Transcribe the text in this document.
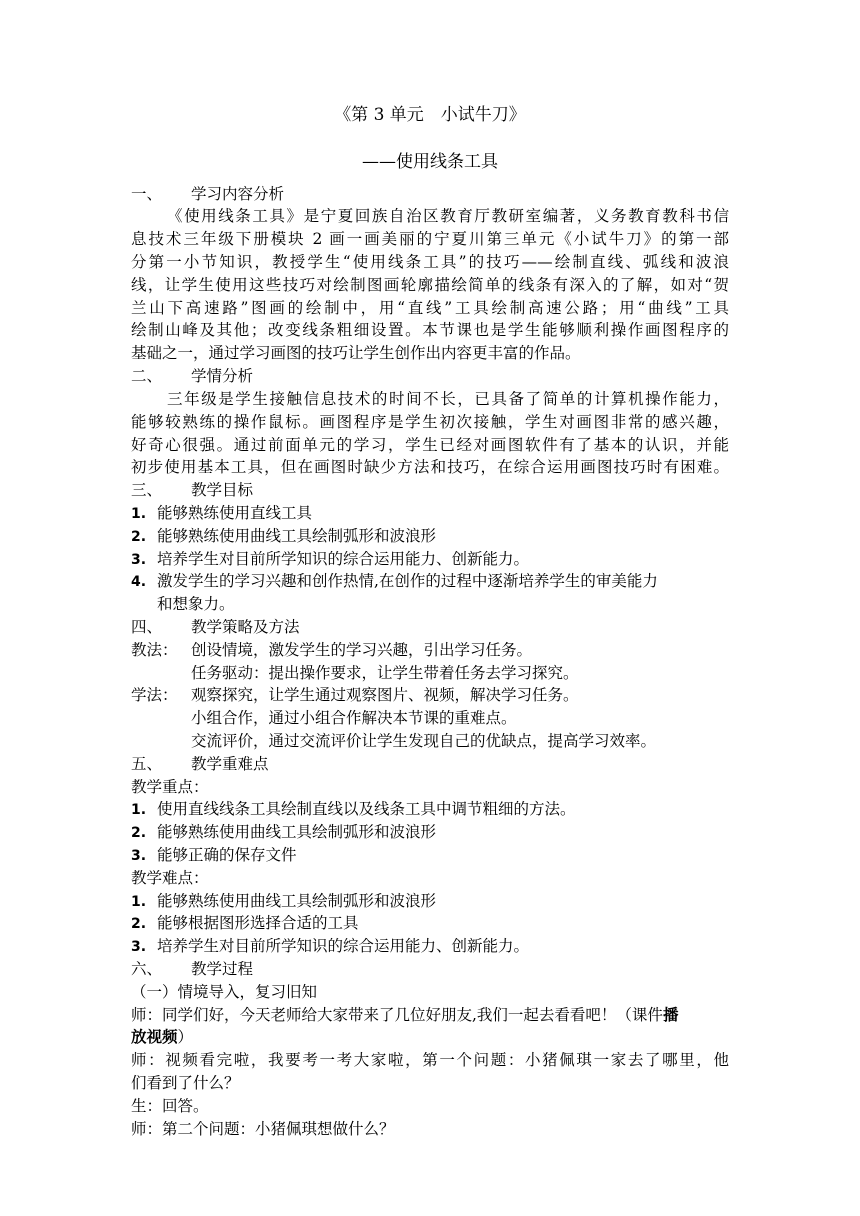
《第 3 单元　小试牛刀》

——使用线条工具

一、 学习内容分析

《使用线条工具》是宁夏回族自治区教育厅教研室编著，义务教育教科书信

息技术三年级下册模块 2 画一画美丽的宁夏川第三单元《小试牛刀》的第一部

分第一小节知识，教授学生“使用线条工具”的技巧——绘制直线、弧线和波浪

线，让学生使用这些技巧对绘制图画轮廓描绘简单的线条有深入的了解，如对“贺

兰山下高速路”图画的绘制中，用“直线”工具绘制高速公路；用“曲线”工具

绘制山峰及其他；改变线条粗细设置。本节课也是学生能够顺利操作画图程序的

基础之一，通过学习画图的技巧让学生创作出内容更丰富的作品。

二、 学情分析

三年级是学生接触信息技术的时间不长，已具备了简单的计算机操作能力，

能够较熟练的操作鼠标。画图程序是学生初次接触，学生对画图非常的感兴趣，

好奇心很强。通过前面单元的学习，学生已经对画图软件有了基本的认识，并能

初步使用基本工具，但在画图时缺少方法和技巧，在综合运用画图技巧时有困难。

三、 教学目标

1. 能够熟练使用直线工具

2. 能够熟练使用曲线工具绘制弧形和波浪形

3. 培养学生对目前所学知识的综合运用能力、创新能力。

4. 激发学生的学习兴趣和创作热情,在创作的过程中逐渐培养学生的审美能力

和想象力。

四、 教学策略及方法

教法： 创设情境，激发学生的学习兴趣，引出学习任务。

任务驱动：提出操作要求，让学生带着任务去学习探究。

学法： 观察探究，让学生通过观察图片、视频，解决学习任务。

小组合作，通过小组合作解决本节课的重难点。

交流评价，通过交流评价让学生发现自己的优缺点，提高学习效率。

五、 教学重难点

教学重点：

1. 使用直线线条工具绘制直线以及线条工具中调节粗细的方法。

2. 能够熟练使用曲线工具绘制弧形和波浪形

3. 能够正确的保存文件

教学难点：

1. 能够熟练使用曲线工具绘制弧形和波浪形

2. 能够根据图形选择合适的工具

3. 培养学生对目前所学知识的综合运用能力、创新能力。

六、 教学过程

（一）情境导入，复习旧知

师：同学们好，今天老师给大家带来了几位好朋友,我们一起去看看吧！（课件播

放视频）

师：视频看完啦，我要考一考大家啦，第一个问题：小猪佩琪一家去了哪里，他

们看到了什么？

生：回答。

师：第二个问题：小猪佩琪想做什么？
